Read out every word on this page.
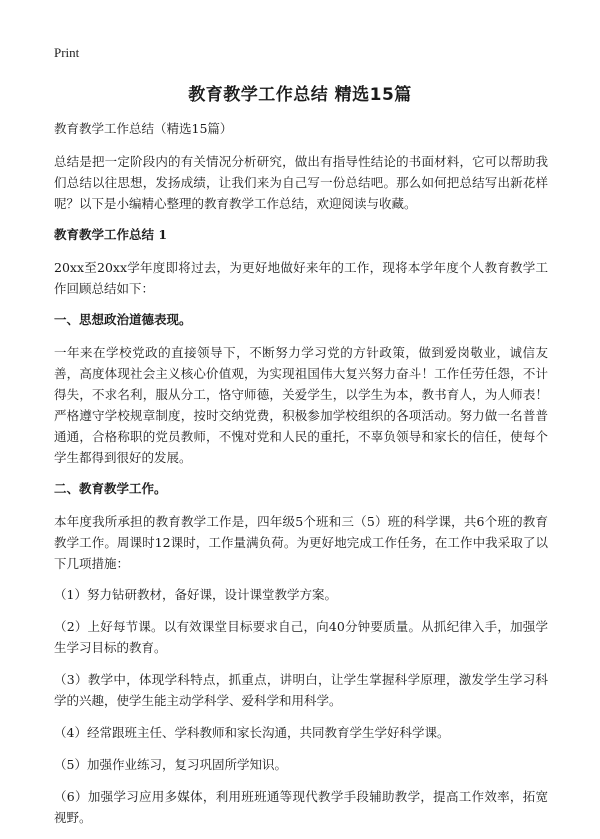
Print
教育教学工作总结 精选15篇

教育教学工作总结（精选15篇）

总结是把一定阶段内的有关情况分析研究，做出有指导性结论的书面材料，它可以帮助我们总结以往思想，发扬成绩，让我们来为自己写一份总结吧。那么如何把总结写出新花样呢？以下是小编精心整理的教育教学工作总结，欢迎阅读与收藏。

教育教学工作总结 1

20xx至20xx学年度即将过去，为更好地做好来年的工作，现将本学年度个人教育教学工作回顾总结如下：

一、思想政治道德表现。

一年来在学校党政的直接领导下，不断努力学习党的方针政策，做到爱岗敬业，诚信友善，高度体现社会主义核心价值观，为实现祖国伟大复兴努力奋斗！工作任劳任怨，不计得失，不求名利，服从分工，恪守师德，关爱学生，以学生为本，教书育人，为人师表！严格遵守学校规章制度，按时交纳党费，积极参加学校组织的各项活动。努力做一名普普通通，合格称职的党员教师，不愧对党和人民的重托，不辜负领导和家长的信任，使每个学生都得到很好的发展。

二、教育教学工作。

本年度我所承担的教育教学工作是，四年级5个班和三（5）班的科学课，共6个班的教育教学工作。周课时12课时，工作量满负荷。为更好地完成工作任务，在工作中我采取了以下几项措施：

（1）努力钻研教材，备好课，设计课堂教学方案。

（2）上好每节课。以有效课堂目标要求自己，向40分钟要质量。从抓纪律入手，加强学生学习目标的教育。

（3）教学中，体现学科特点，抓重点，讲明白，让学生掌握科学原理，激发学生学习科学的兴趣，使学生能主动学科学、爱科学和用科学。

（4）经常跟班主任、学科教师和家长沟通，共同教育学生学好科学课。

（5）加强作业练习，复习巩固所学知识。

（6）加强学习应用多媒体，利用班班通等现代教学手段辅助教学，提高工作效率，拓宽视野。
